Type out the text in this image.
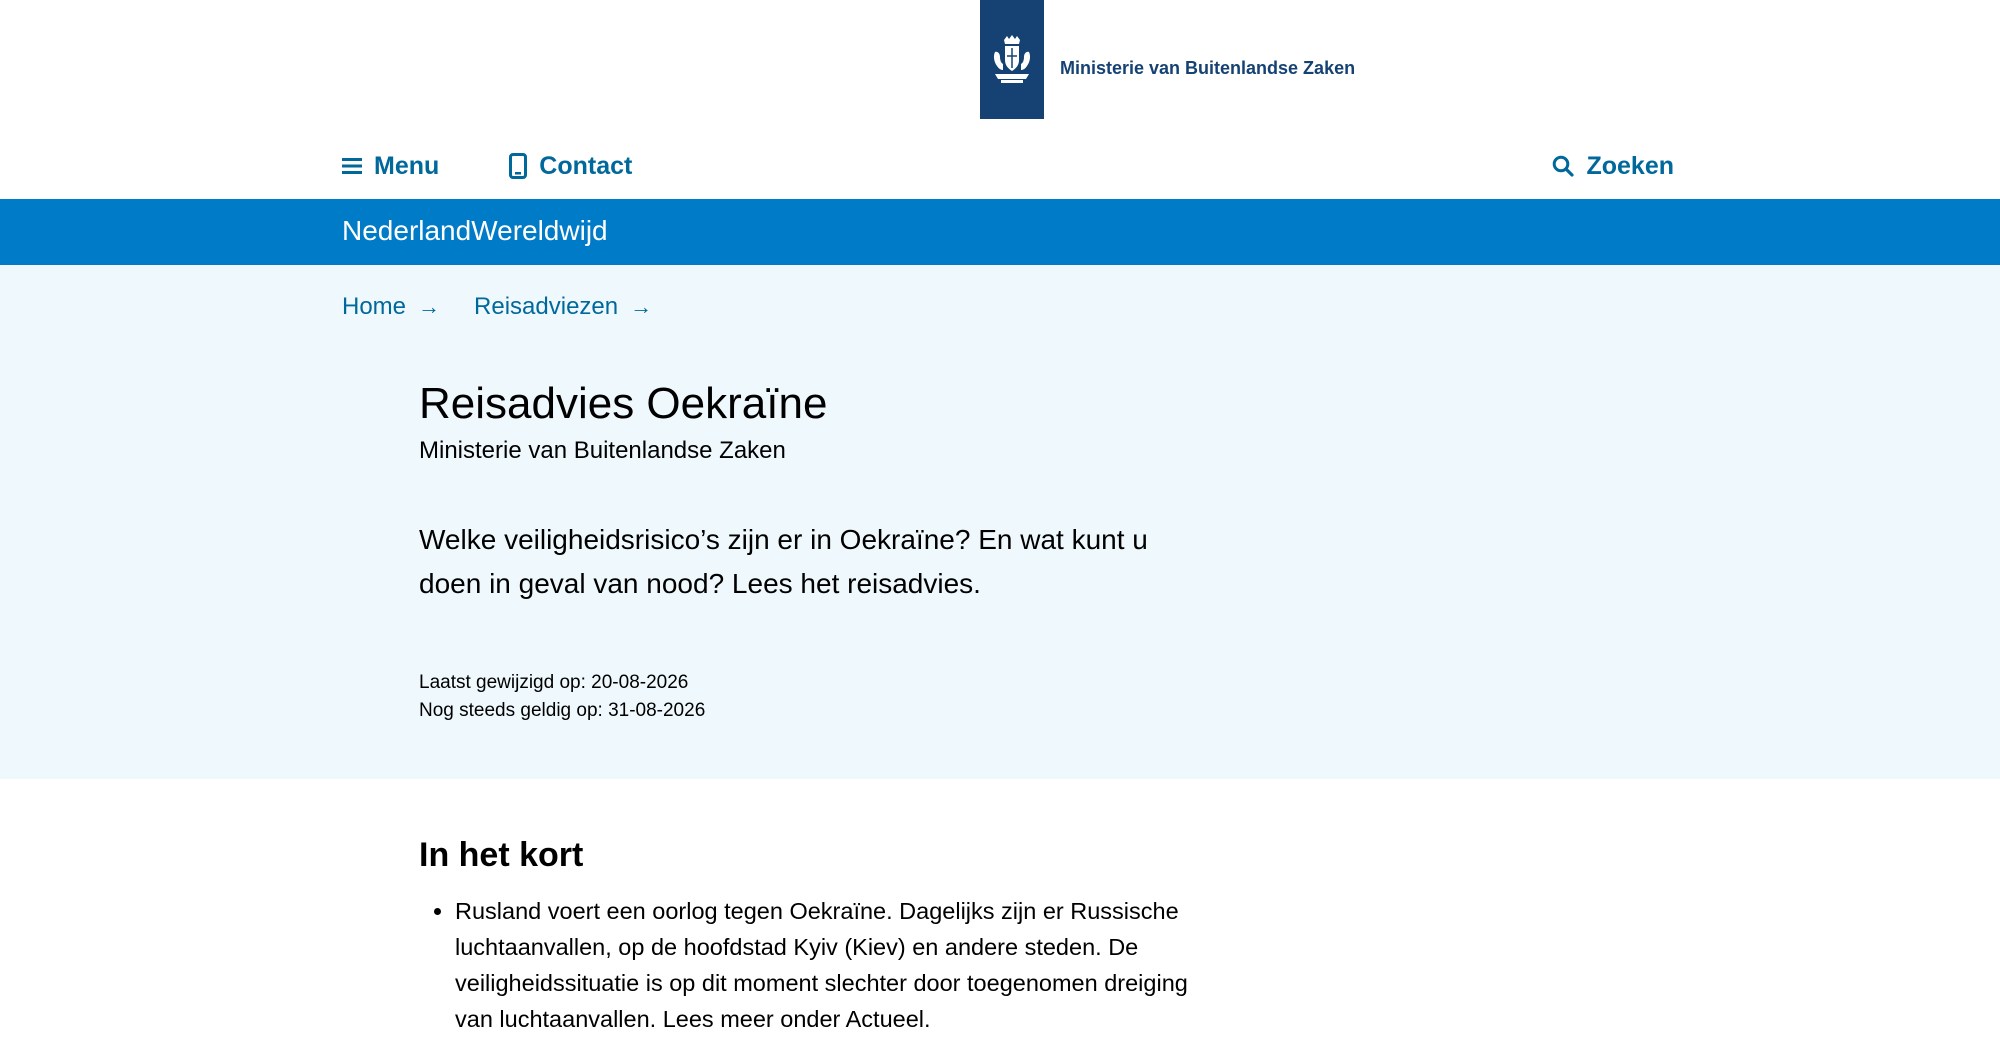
Ministerie van Buitenlandse Zaken
Menu	Contact	Zoeken
NederlandWereldwijd
Home → Reisadviezen →
Reisadvies Oekraïne
Ministerie van Buitenlandse Zaken

Welke veiligheidsrisico’s zijn er in Oekraïne? En wat kunt u doen in geval van nood? Lees het reisadvies.

Laatst gewijzigd op: 20-08-2026
Nog steeds geldig op: 31-08-2026
In het kort
• Rusland voert een oorlog tegen Oekraïne. Dagelijks zijn er Russische luchtaanvallen, op de hoofdstad Kyiv (Kiev) en andere steden. De veiligheidssituatie is op dit moment slechter door toegenomen dreiging van luchtaanvallen. Lees meer onder Actueel.
